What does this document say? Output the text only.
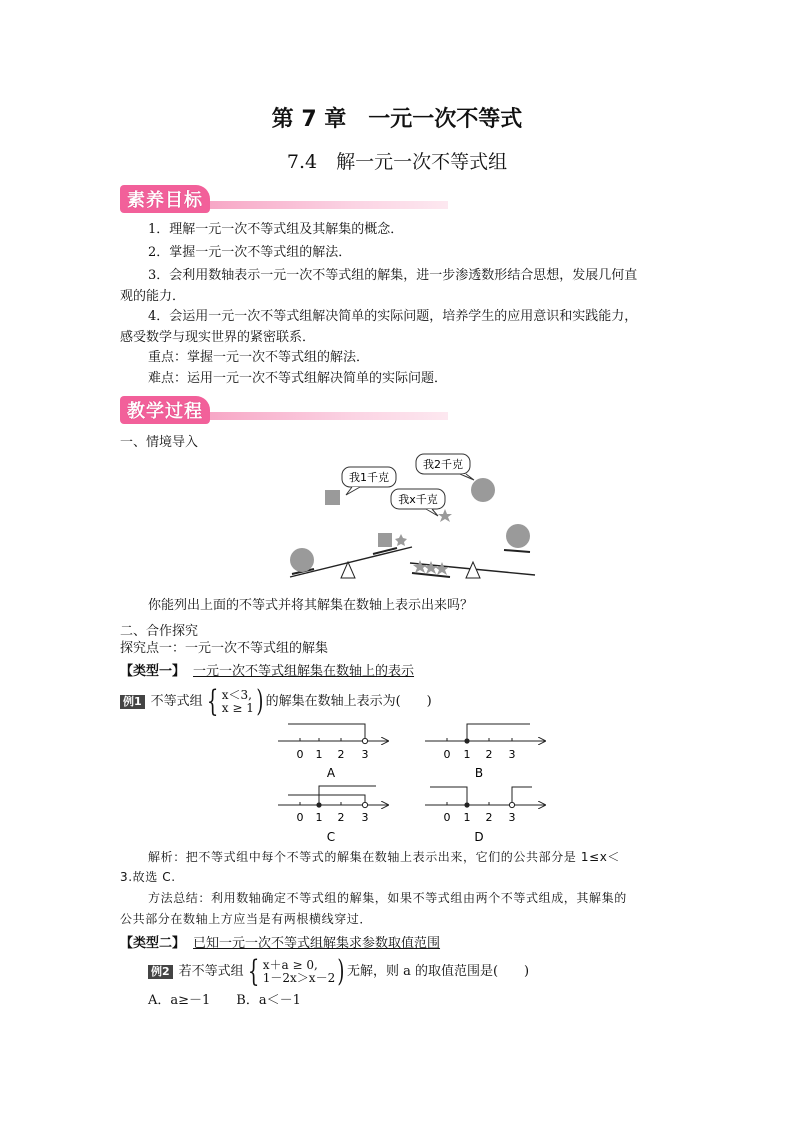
第 7 章　一元一次不等式
7.4　解一元一次不等式组
素养目标
1．理解一元一次不等式组及其解集的概念．
2．掌握一元一次不等式组的解法．
3．会利用数轴表示一元一次不等式组的解集，进一步渗透数形结合思想，发展几何直
观的能力．
4．会运用一元一次不等式组解决简单的实际问题，培养学生的应用意识和实践能力，
感受数学与现实世界的紧密联系．
重点：掌握一元一次不等式组的解法．
难点：运用一元一次不等式组解决简单的实际问题．
教学过程
一、情境导入
我1千克
我2千克
我x千克
你能列出上面的不等式并将其解集在数轴上表示出来吗？
二、合作探究
探究点一：一元一次不等式组的解集
【类型一】 一元一次不等式组解集在数轴上的表示
例1 不等式组 { x＜3,
x ≥ 1 ) 的解集在数轴上表示为(　　)
0 1 2 3
A
0 1 2 3
B
0 1 2 3
C
0 1 2 3
D
解析：把不等式组中每个不等式的解集在数轴上表示出来，它们的公共部分是 1≤x＜
3.故选 C.
方法总结：利用数轴确定不等式组的解集，如果不等式组由两个不等式组成，其解集的
公共部分在数轴上方应当是有两根横线穿过．
【类型二】 已知一元一次不等式组解集求参数取值范围
例2 若不等式组 { x＋a ≥ 0,
1－2x＞x－2 ) 无解，则 a 的取值范围是(　　)
A．a≥－1　　B．a＜－1
